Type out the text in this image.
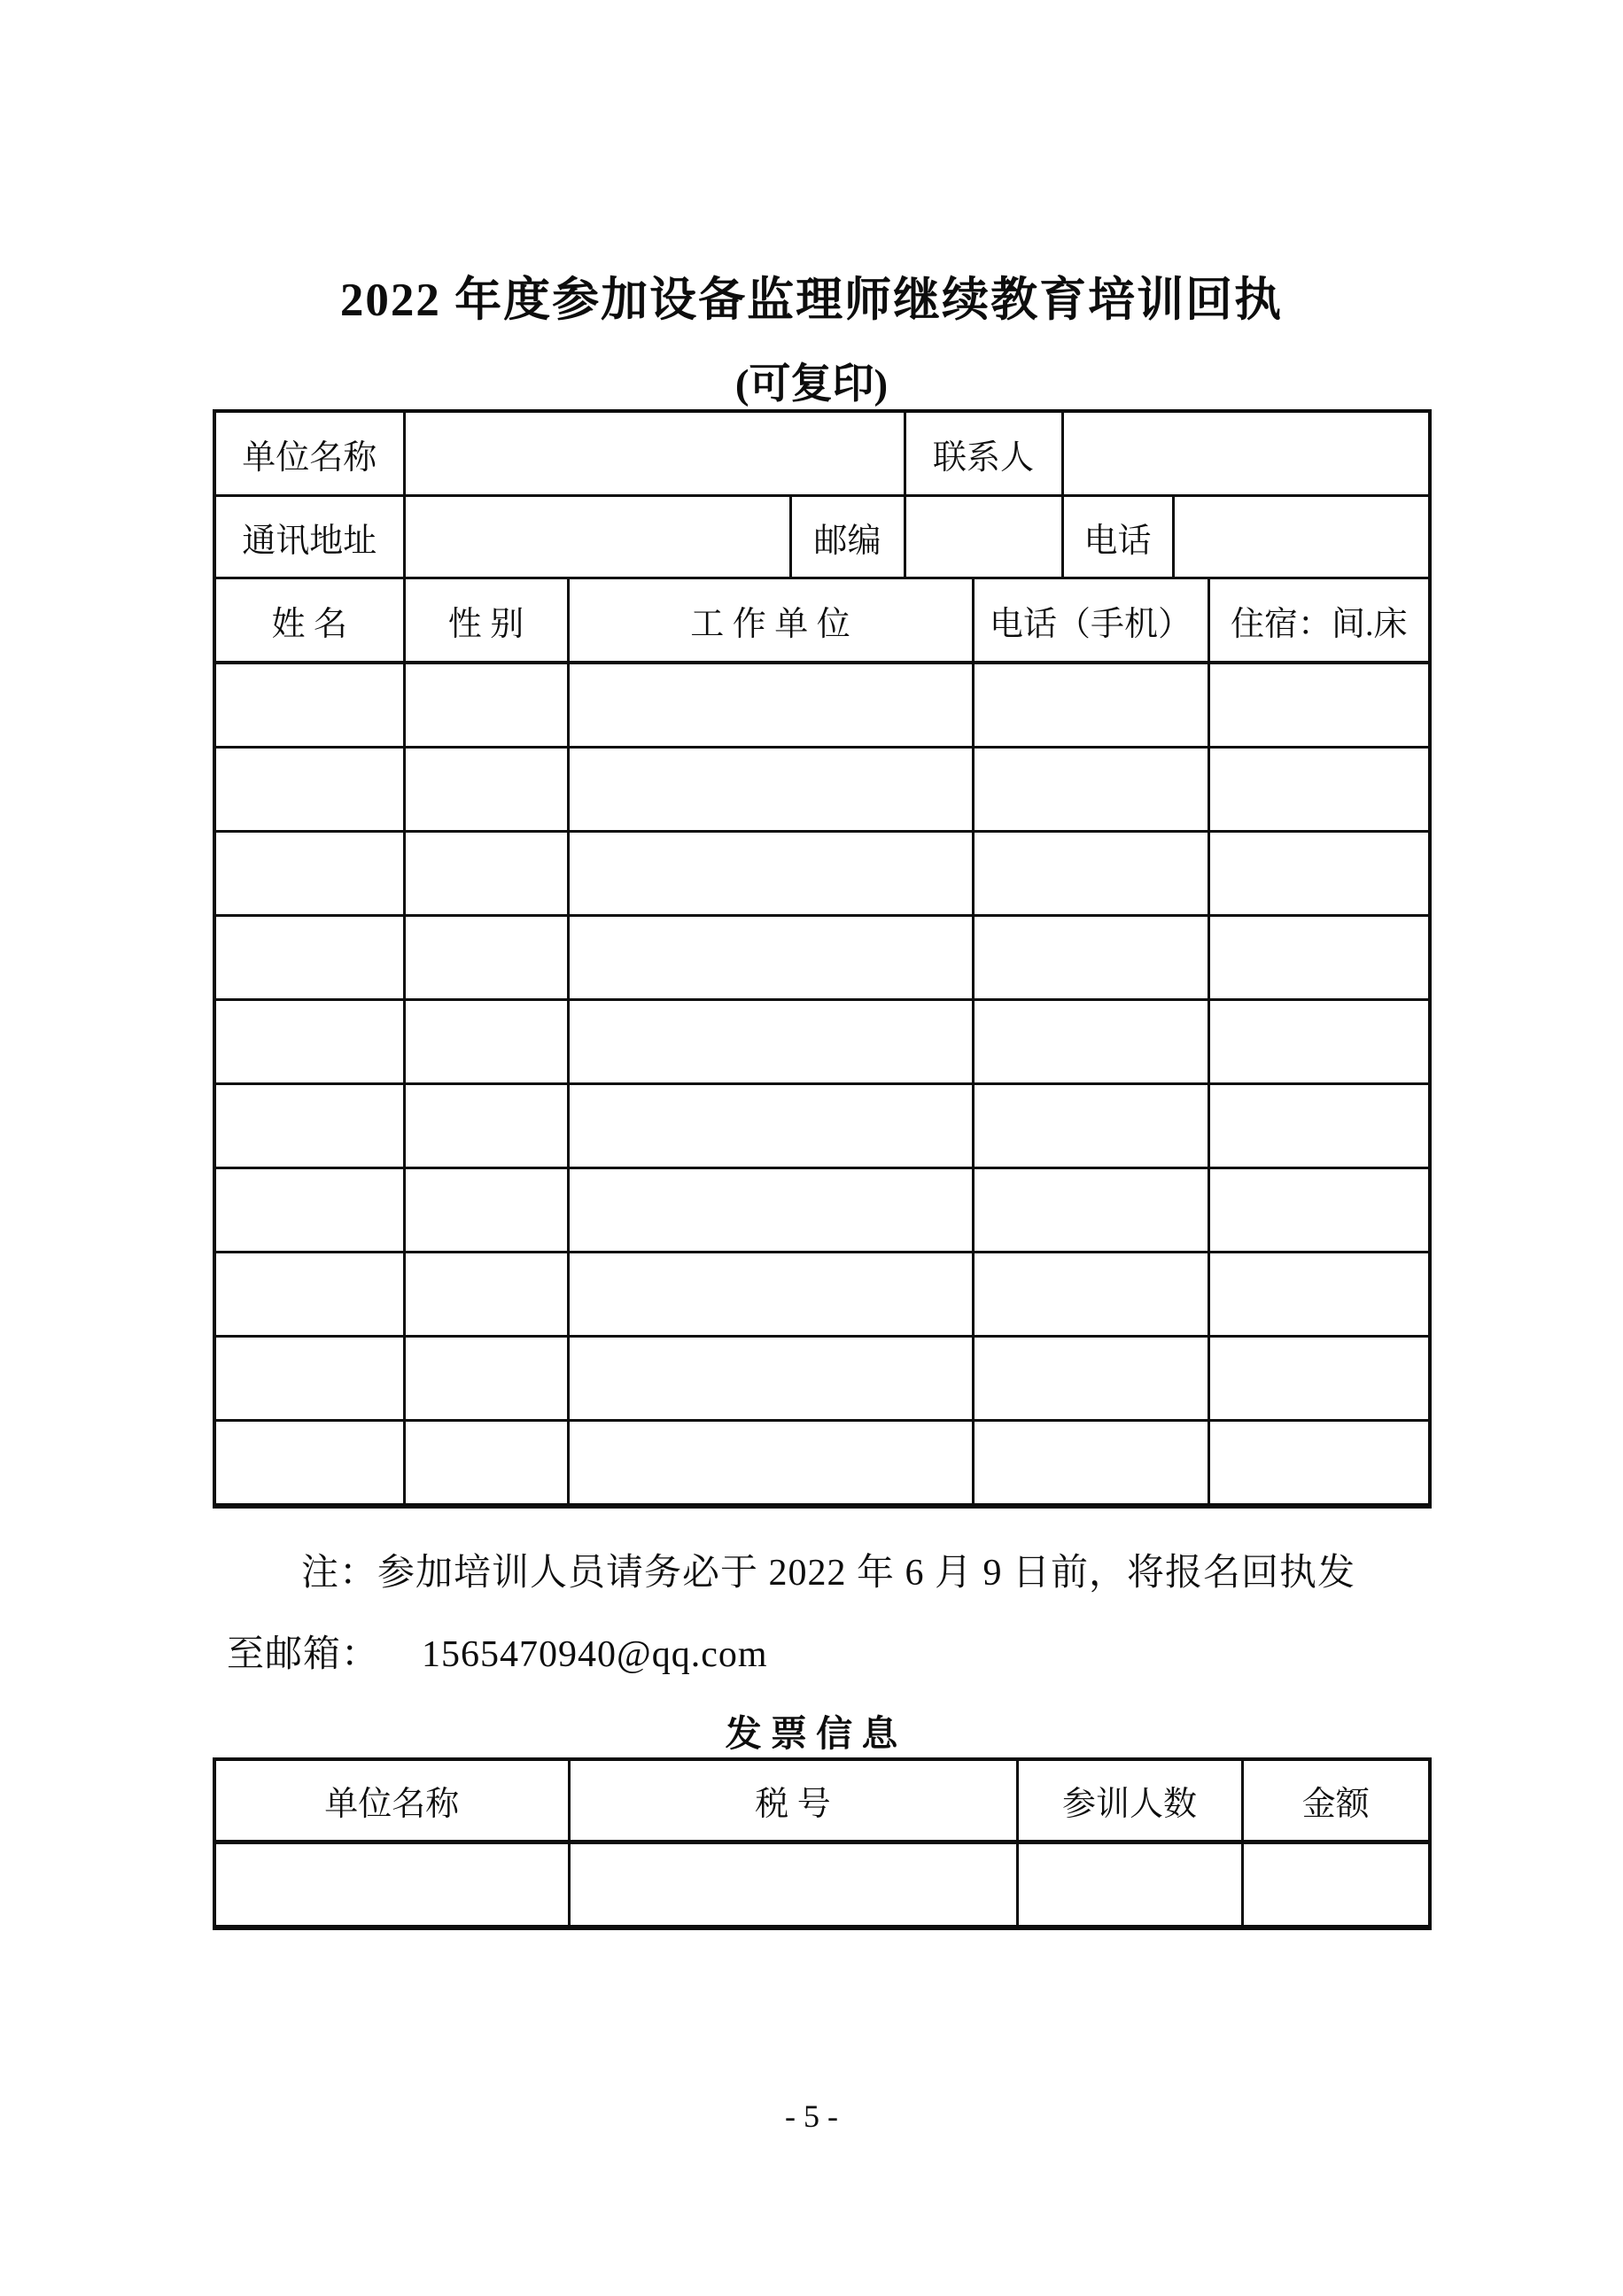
2022 年度参加设备监理师继续教育培训回执
(可复印)
单位名称				联系人				
通讯地址			邮编			电话		
姓 名	性 别	工 作 单 位			电话（手机）			住宿：间.床

注：参加培训人员请务必于 2022 年 6 月 9 日前，将报名回执发
至邮箱： 1565470940@qq.com
发 票 信 息
单位名称	税 号	参训人数	金额

- 5 -
